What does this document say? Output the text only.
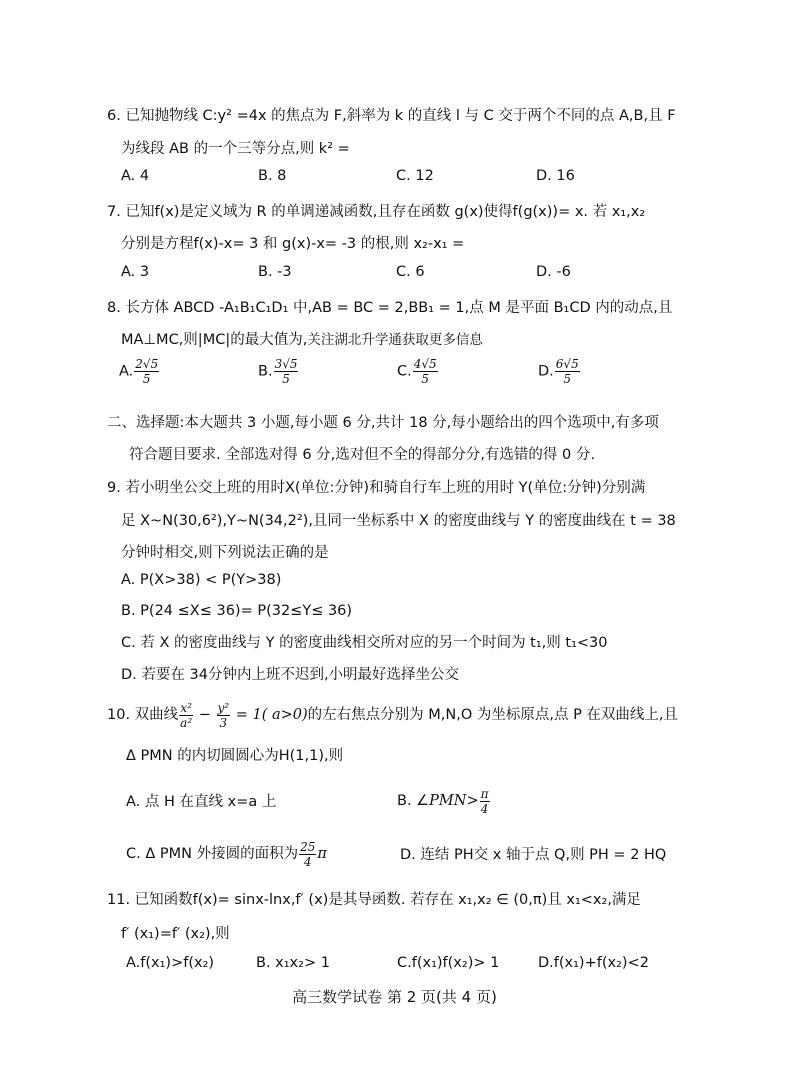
6. 已知抛物线 C:y² =4x 的焦点为 F,斜率为 k 的直线 l 与 C 交于两个不同的点 A,B,且 F
为线段 AB 的一个三等分点,则 k² =
A. 4	B. 8	C. 12	D. 16
7. 已知f(x)是定义域为 R 的单调递减函数,且存在函数 g(x)使得f(g(x))= x. 若 x₁,x₂
分别是方程f(x)-x= 3 和 g(x)-x= -3 的根,则 x₂-x₁ =
A. 3	B. -3	C. 6	D. -6
8. 长方体 ABCD -A₁B₁C₁D₁ 中,AB = BC = 2,BB₁ = 1,点 M 是平面 B₁CD 内的动点,且
MA⊥MC,则|MC|的最大值为,关注湖北升学通获取更多信息
A. $\frac{2√5}{5}$	B. $\frac{3√5}{5}$	C. $\frac{4√5}{5}$	D. $\frac{6√5}{5}$
二、选择题:本大题共 3 小题,每小题 6 分,共计 18 分,每小题给出的四个选项中,有多项
符合题目要求. 全部选对得 6 分,选对但不全的得部分分,有选错的得 0 分.
9. 若小明坐公交上班的用时X(单位:分钟)和骑自行车上班的用时 Y(单位:分钟)分别满
足 X~N(30,6²),Y~N(34,2²),且同一坐标系中 X 的密度曲线与 Y 的密度曲线在 t = 38
分钟时相交,则下列说法正确的是
A. P(X>38) < P(Y>38)
B. P(24 ≤X≤ 36)= P(32≤Y≤ 36)
C. 若 X 的密度曲线与 Y 的密度曲线相交所对应的另一个时间为 t₁,则 t₁<30
D. 若要在 34分钟内上班不迟到,小明最好选择坐公交
10. 双曲线 $\frac{\text{x²}}{\text{a²}} - \frac{\text{y²}}{3} = 1$( a>0)的左右焦点分别为 M,N,O 为坐标原点,点 P 在双曲线上,且
Δ PMN 的内切圆圆心为H(1,1),则
A. 点 H 在直线 x=a 上	B. ∠PMN> $\frac{\pi}{4}$
C. Δ PMN 外接圆的面积为 $\frac{25}{4}$ π	D. 连结 PH交 x 轴于点 Q,则 PH = 2 HQ
11. 已知函数f(x)= sinx-lnx,f′ (x)是其导函数. 若存在 x₁,x₂ ∈ (0,π)且 x₁<x₂,满足
f′ (x₁)=f′ (x₂),则
A.f(x₁)>f(x₂)	B. x₁x₂> 1	C.f(x₁)f(x₂)> 1	D.f(x₁)+f(x₂)<2
高三数学试卷 第 2 页(共 4 页)
